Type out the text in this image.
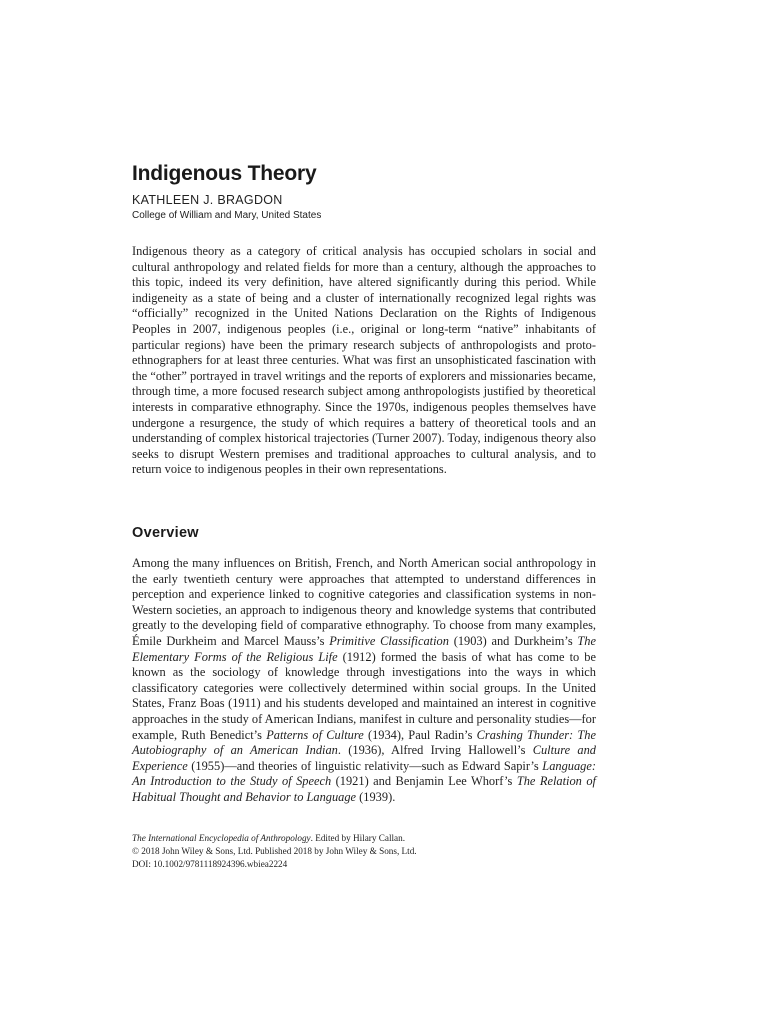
Indigenous Theory
KATHLEEN J. BRAGDON
College of William and Mary, United States

Indigenous theory as a category of critical analysis has occupied scholars in social and cultural anthropology and related fields for more than a century, although the approaches to this topic, indeed its very definition, have altered significantly during this period. While indigeneity as a state of being and a cluster of internationally recognized legal rights was “officially” recognized in the United Nations Declaration on the Rights of Indigenous Peoples in 2007, indigenous peoples (i.e., original or long-term “native” inhabitants of particular regions) have been the primary research subjects of anthropologists and proto-ethnographers for at least three centuries. What was first an unsophisticated fascination with the “other” portrayed in travel writings and the reports of explorers and missionaries became, through time, a more focused research subject among anthropologists justified by theoretical interests in comparative ethnography. Since the 1970s, indigenous peoples themselves have undergone a resurgence, the study of which requires a battery of theoretical tools and an understanding of complex historical trajectories (Turner 2007). Today, indigenous theory also seeks to disrupt Western premises and traditional approaches to cultural analysis, and to return voice to indigenous peoples in their own representations.

Overview

Among the many influences on British, French, and North American social anthropology in the early twentieth century were approaches that attempted to understand differences in perception and experience linked to cognitive categories and classification systems in non-Western societies, an approach to indigenous theory and knowledge systems that contributed greatly to the developing field of comparative ethnography. To choose from many examples, Émile Durkheim and Marcel Mauss’s Primitive Classification (1903) and Durkheim’s The Elementary Forms of the Religious Life (1912) formed the basis of what has come to be known as the sociology of knowledge through investigations into the ways in which classificatory categories were collectively determined within social groups. In the United States, Franz Boas (1911) and his students developed and maintained an interest in cognitive approaches in the study of American Indians, manifest in culture and personality studies—for example, Ruth Benedict’s Patterns of Culture (1934), Paul Radin’s Crashing Thunder: The Autobiography of an American Indian. (1936), Alfred Irving Hallowell’s Culture and Experience (1955)—and theories of linguistic relativity—such as Edward Sapir’s Language: An Introduction to the Study of Speech (1921) and Benjamin Lee Whorf’s The Relation of Habitual Thought and Behavior to Language (1939).

The International Encyclopedia of Anthropology. Edited by Hilary Callan.
© 2018 John Wiley & Sons, Ltd. Published 2018 by John Wiley & Sons, Ltd.
DOI: 10.1002/9781118924396.wbiea2224
